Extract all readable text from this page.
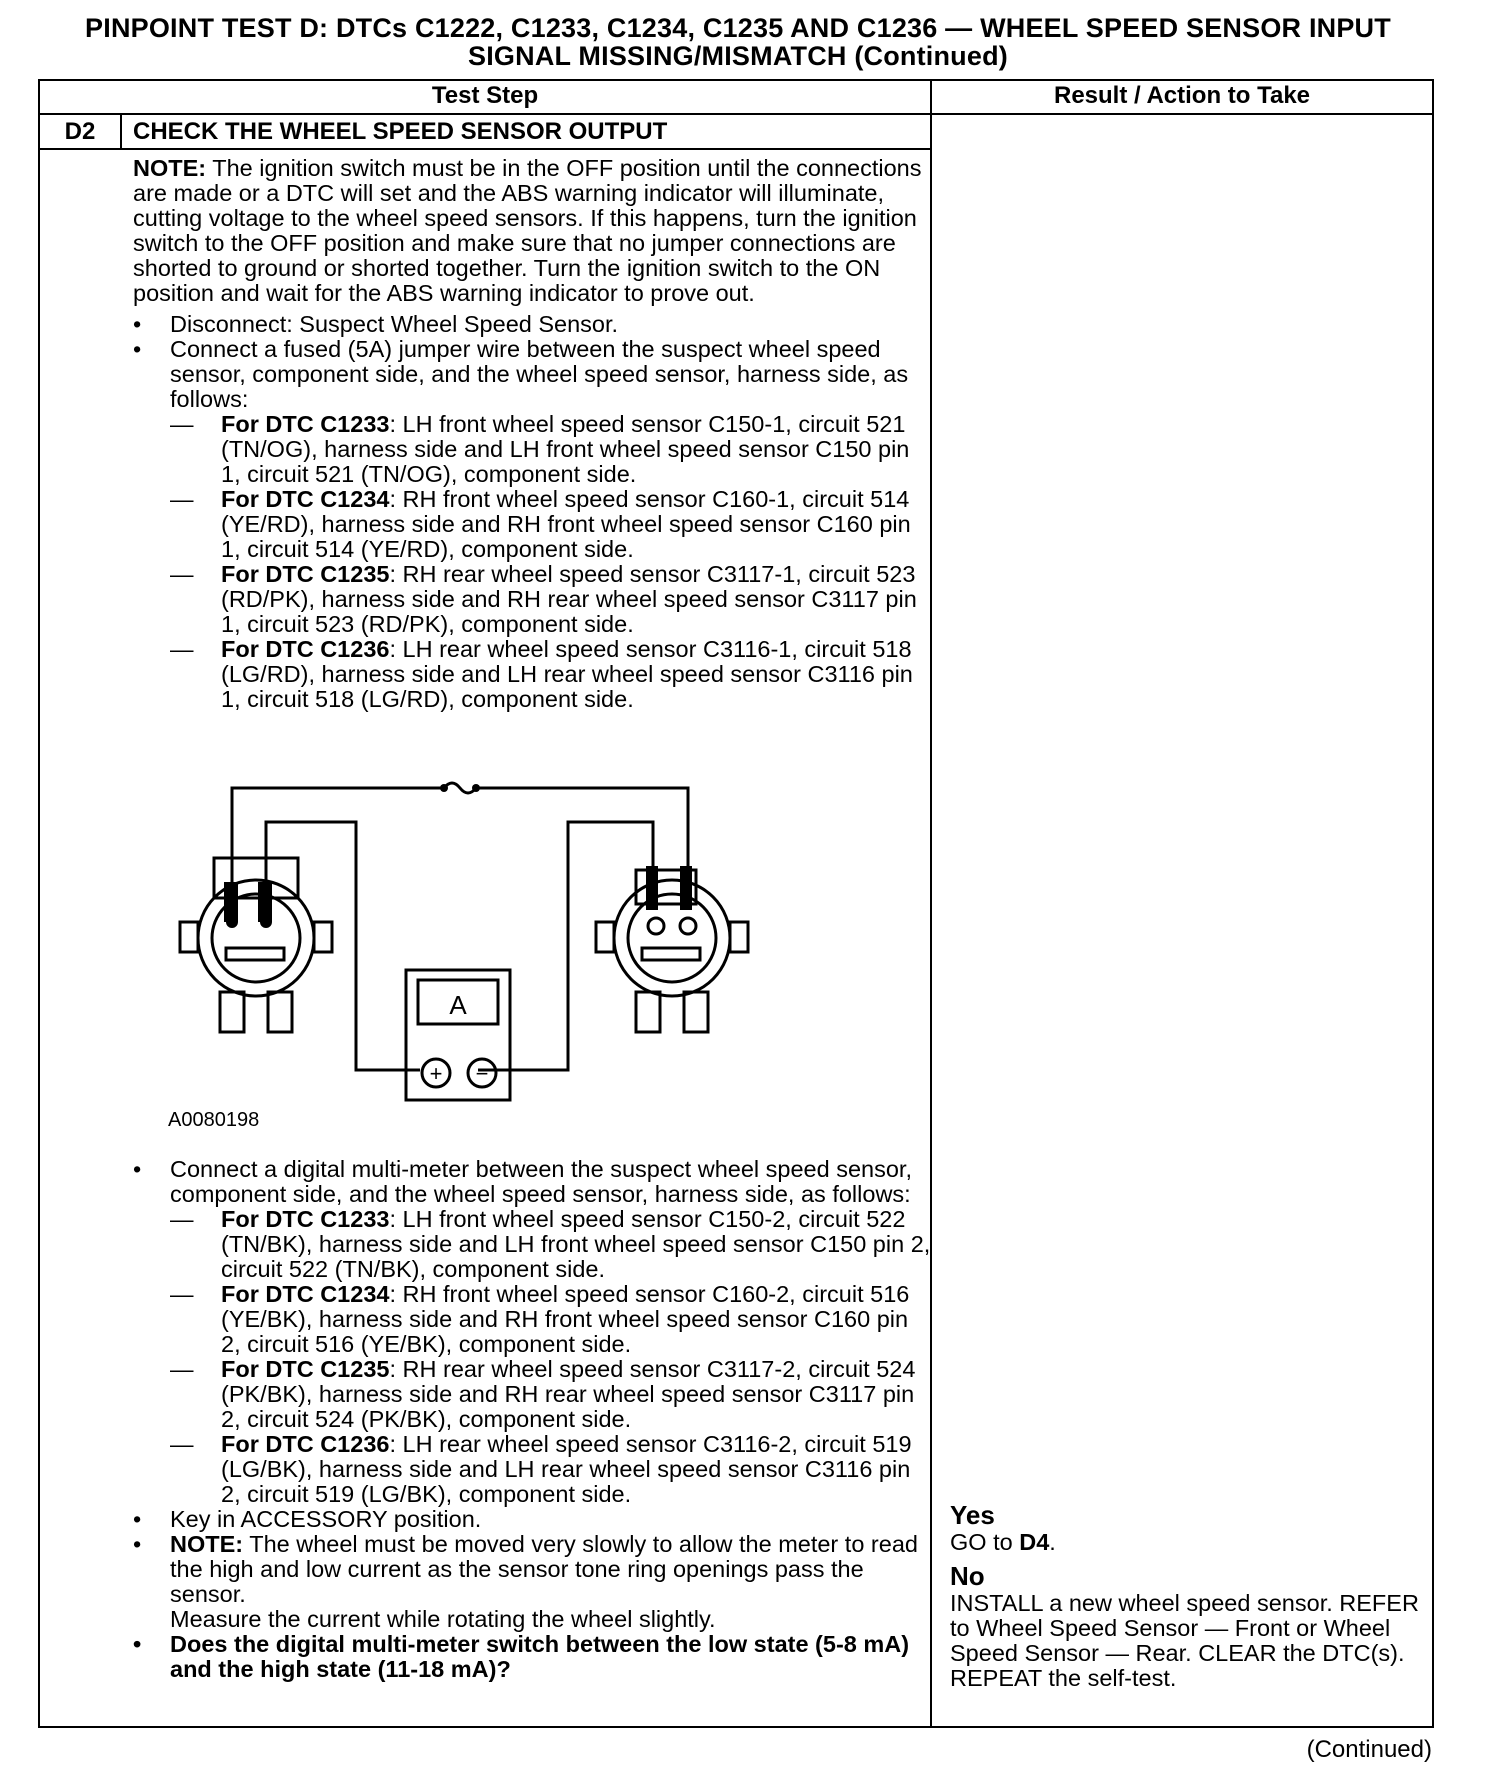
PINPOINT TEST D: DTCs C1222, C1233, C1234, C1235 AND C1236 — WHEEL SPEED SENSOR INPUT
SIGNAL MISSING/MISMATCH (Continued)
Test Step	Result / Action to Take
D2	CHECK THE WHEEL SPEED SENSOR OUTPUT

NOTE: The ignition switch must be in the OFF position until the connections are made or a DTC will set and the ABS warning indicator will illuminate, cutting voltage to the wheel speed sensors. If this happens, turn the ignition switch to the OFF position and make sure that no jumper connections are shorted to ground or shorted together. Turn the ignition switch to the ON position and wait for the ABS warning indicator to prove out.

• Disconnect: Suspect Wheel Speed Sensor.
• Connect a fused (5A) jumper wire between the suspect wheel speed sensor, component side, and the wheel speed sensor, harness side, as follows:
— For DTC C1233: LH front wheel speed sensor C150-1, circuit 521 (TN/OG), harness side and LH front wheel speed sensor C150 pin 1, circuit 521 (TN/OG), component side.
— For DTC C1234: RH front wheel speed sensor C160-1, circuit 514 (YE/RD), harness side and RH front wheel speed sensor C160 pin 1, circuit 514 (YE/RD), component side.
— For DTC C1235: RH rear wheel speed sensor C3117-1, circuit 523 (RD/PK), harness side and RH rear wheel speed sensor C3117 pin 1, circuit 523 (RD/PK), component side.
— For DTC C1236: LH rear wheel speed sensor C3116-1, circuit 518 (LG/RD), harness side and LH rear wheel speed sensor C3116 pin 1, circuit 518 (LG/RD), component side.
A
+ −
A0080198
• Connect a digital multi-meter between the suspect wheel speed sensor, component side, and the wheel speed sensor, harness side, as follows:
— For DTC C1233: LH front wheel speed sensor C150-2, circuit 522 (TN/BK), harness side and LH front wheel speed sensor C150 pin 2, circuit 522 (TN/BK), component side.
— For DTC C1234: RH front wheel speed sensor C160-2, circuit 516 (YE/BK), harness side and RH front wheel speed sensor C160 pin 2, circuit 516 (YE/BK), component side.
— For DTC C1235: RH rear wheel speed sensor C3117-2, circuit 524 (PK/BK), harness side and RH rear wheel speed sensor C3117 pin 2, circuit 524 (PK/BK), component side.
— For DTC C1236: LH rear wheel speed sensor C3116-2, circuit 519 (LG/BK), harness side and LH rear wheel speed sensor C3116 pin 2, circuit 519 (LG/BK), component side.
• Key in ACCESSORY position.
• NOTE: The wheel must be moved very slowly to allow the meter to read the high and low current as the sensor tone ring openings pass the sensor.

Measure the current while rotating the wheel slightly.

• Does the digital multi-meter switch between the low state (5-8 mA) and the high state (11-18 mA)?
Yes
GO to D4.
No
INSTALL a new wheel speed sensor. REFER to Wheel Speed Sensor — Front or Wheel Speed Sensor — Rear. CLEAR the DTC(s). REPEAT the self-test.
(Continued)
